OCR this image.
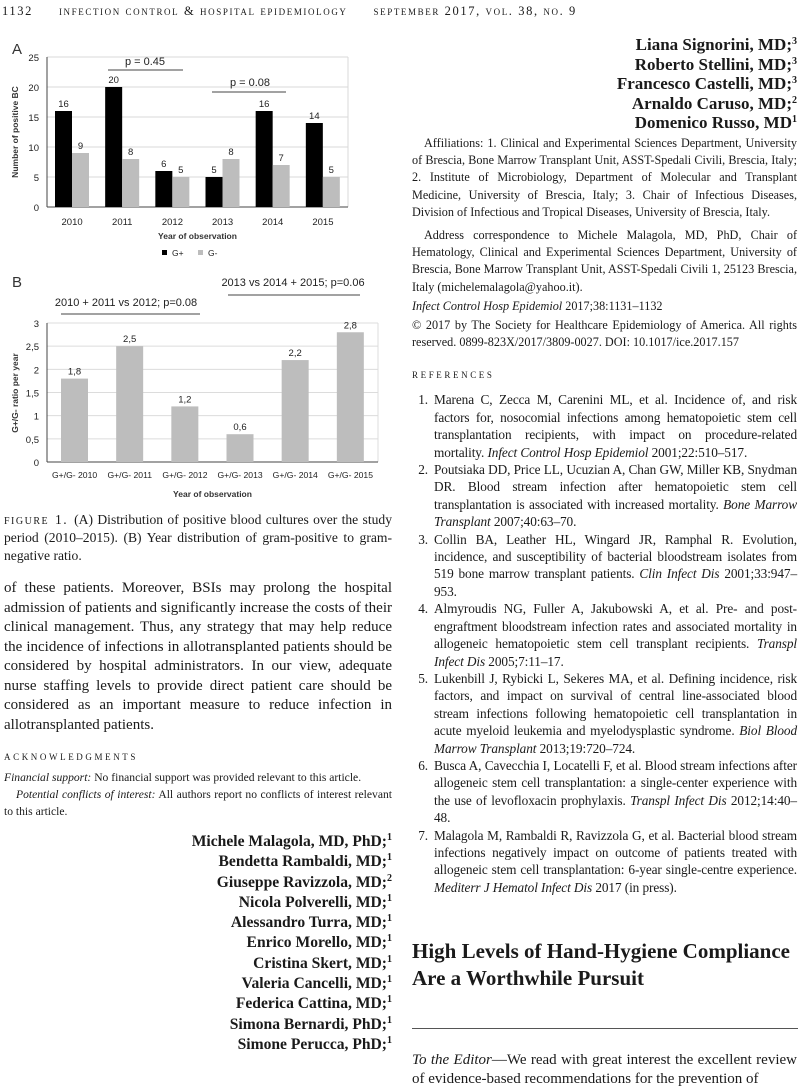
1132 infection control & hospital epidemiology september 2017, vol. 38, no. 9
A
0
5
10
15
20
25
16
9
2010
20
8
2011
6
5
2012
5
8
2013
16
7
2014
14
5
2015
Year of observation
Number of positive BC
p = 0.45
p = 0.08
G+	G-
B
0
0,5
1
1,5
2
2,5
3
1,8
G+/G- 2010
2,5
G+/G- 2011
1,2
G+/G- 2012
0,6
G+/G- 2013
2,2
G+/G- 2014
2,8
G+/G- 2015
Year of observation
G+/G- ratio per year
2010 + 2011 vs 2012; p=0.08
2013 vs 2014 + 2015; p=0.06
figure 1. (A) Distribution of positive blood cultures over the study period (2010–2015). (B) Year distribution of gram-positive to gram-negative ratio.
of these patients. Moreover, BSIs may prolong the hospital admission of patients and significantly increase the costs of their clinical management. Thus, any strategy that may help reduce the incidence of infections in allotransplanted patients should be considered by hospital administrators. In our view, adequate nurse staffing levels to provide direct patient care should be considered as an important measure to reduce infection in allotransplanted patients.
acknowledgments
Financial support: No financial support was provided relevant to this article.

Potential conflicts of interest: All authors report no conflicts of interest relevant to this article.

Michele Malagola, MD, PhD;$^1$
Bendetta Rambaldi, MD;$^1$
Giuseppe Ravizzola, MD;$^2$
Nicola Polverelli, MD;$^1$
Alessandro Turra, MD;$^1$
Enrico Morello, MD;$^1$
Cristina Skert, MD;$^1$
Valeria Cancelli, MD;$^1$
Federica Cattina, MD;$^1$
Simona Bernardi, PhD;$^1$
Simone Perucca, PhD;$^1$
Liana Signorini, MD;$^3$
Roberto Stellini, MD;$^3$
Francesco Castelli, MD;$^3$
Arnaldo Caruso, MD;$^2$
Domenico Russo, $MD^1$

Affiliations: 1. Clinical and Experimental Sciences Department, University of Brescia, Bone Marrow Transplant Unit, ASST-Spedali Civili, Brescia, Italy; 2. Institute of Microbiology, Department of Molecular and Transplant Medicine, University of Brescia, Italy; 3. Chair of Infectious Diseases, Division of Infectious and Tropical Diseases, University of Brescia, Italy.

Address correspondence to Michele Malagola, MD, PhD, Chair of Hematology, Clinical and Experimental Sciences Department, University of Brescia, Bone Marrow Transplant Unit, ASST-Spedali Civili 1, 25123 Brescia, Italy (michelemalagola@yahoo.it).

Infect Control Hosp Epidemiol 2017;38:1131–1132
© 2017 by The Society for Healthcare Epidemiology of America. All rights reserved. 0899-823X/2017/3809-0027. DOI: 10.1017/ice.2017.157
references
1. Marena C, Zecca M, Carenini ML, et al. Incidence of, and risk factors for, nosocomial infections among hematopoietic stem cell transplantation recipients, with impact on procedure-related mortality. Infect Control Hosp Epidemiol 2001;22:510–517.
2. Poutsiaka DD, Price LL, Ucuzian A, Chan GW, Miller KB, Snydman DR. Blood stream infection after hematopoietic stem cell transplantation is associated with increased mortality. Bone Marrow Transplant 2007;40:63–70.
3. Collin BA, Leather HL, Wingard JR, Ramphal R. Evolution, incidence, and susceptibility of bacterial bloodstream isolates from 519 bone marrow transplant patients. Clin Infect Dis 2001;33:947–953.
4. Almyroudis NG, Fuller A, Jakubowski A, et al. Pre- and post-engraftment bloodstream infection rates and associated mortality in allogeneic hematopoietic stem cell transplant recipients. Transpl Infect Dis 2005;7:11–17.
5. Lukenbill J, Rybicki L, Sekeres MA, et al. Defining incidence, risk factors, and impact on survival of central line-associated blood stream infections following hematopoietic cell transplantation in acute myeloid leukemia and myelodysplastic syndrome. Biol Blood Marrow Transplant 2013;19:720–724.
6. Busca A, Cavecchia I, Locatelli F, et al. Blood stream infections after allogeneic stem cell transplantation: a single-center experience with the use of levofloxacin prophylaxis. Transpl Infect Dis 2012;14:40–48.
7. Malagola M, Rambaldi R, Ravizzola G, et al. Bacterial blood stream infections negatively impact on outcome of patients treated with allogeneic stem cell transplantation: 6-year single-centre experience. Mediterr J Hematol Infect Dis 2017 (in press).
High Levels of Hand-Hygiene Compliance Are a Worthwhile Pursuit
To the Editor—We read with great interest the excellent review of evidence-based recommendations for the prevention of
